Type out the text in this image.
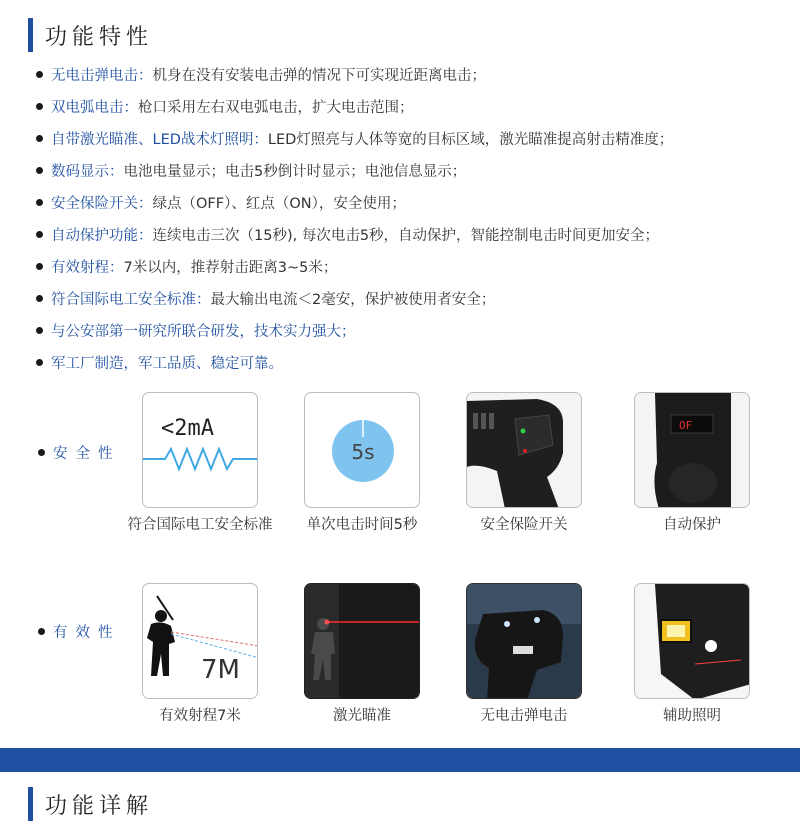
功能特性
无电击弹电击： 机身在没有安装电击弹的情况下可实现近距离电击；
双电弧电击： 枪口采用左右双电弧电击，扩大电击范围；
自带激光瞄准、LED战术灯照明： LED灯照亮与人体等宽的目标区域，激光瞄准提高射击精准度；
数码显示： 电池电量显示；电击5秒倒计时显示；电池信息显示；
安全保险开关： 绿点（OFF）、红点（ON），安全使用；
自动保护功能： 连续电击三次（15秒), 每次电击5秒，自动保护，智能控制电击时间更加安全；
有效射程： 7米以内，推荐射击距离3~5米；
符合国际电工安全标准： 最大输出电流＜2毫安，保护被使用者安全；
与公安部第一研究所联合研发，技术实力强大；
军工厂制造，军工品质、稳定可靠。
安全性
<2mA
符合国际电工安全标准
5s
单次电击时间5秒	安全保险开关
OF
自动保护
有效性
7M
有效射程7米	激光瞄准	无电击弹电击	辅助照明
功能详解
